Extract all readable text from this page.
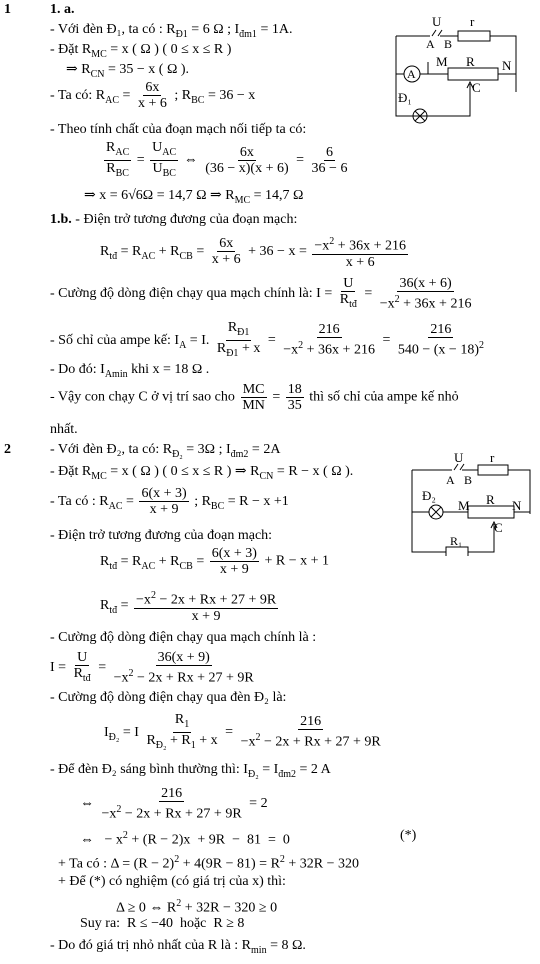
1	1. a.
- Với đèn Đ₁, ta có : $R_{Đ1} = 6$ Ω ; $I_{đm1} = 1A$.
- Đặt $R_{MC} = x$ ( Ω ) ( 0 ≤ x ≤ R )
⇒ $R_{CN} = 35 - x$ ( Ω ).
- Ta có: $R_{AC} = \frac{6x}{x + 6}$ ; $R_{BC} = 36 - x$
- Theo tính chất của đoạn mạch nối tiếp ta có:
$\frac{R_{AC}}{R_{BC}} = \frac{U_{AC}}{U_{BC}}$ ⇔ $\frac{6x}{(36 - x)(x + 6)} = \frac{6}{36 - 6}$
⇒ x = 6√6Ω = 14,7 Ω ⇒ $R_{MC} = 14,7$ Ω
1.b. - Điện trở tương đương của đoạn mạch:
$R_{tđ} = R_{AC} + R_{CB} = \frac{6x}{x + 6} + 36 - x = \frac{-x^2 + 36x + 216}{x + 6}$
- Cường độ dòng điện chạy qua mạch chính là: $I = \frac{U}{R_{tđ}} = \frac{36(x + 6)}{-x^2 + 36x + 216}$
- Số chỉ của ampe kế: $I_A = I$. $\frac{R_{Đ1}}{R_{Đ1} + x} = \frac{216}{-x^2 + 36x + 216} = \frac{216}{540 - (x - 18)^2}$
- Do đó: $I_{Amin}$ khi x = 18 Ω .
- Vậy con chạy C ở vị trí sao cho $\frac{MC}{MN} = \frac{18}{35}$ thì số chỉ của ampe kế nhỏ
nhất.
U r
A B
A
M R N
C
Đ₁
2	- Với đèn Đ₂, ta có: $R_{Đ_2} = 3\Omega$ ; $I_{đm2} = 2A$
- Đặt $R_{MC} = x$ ( Ω ) ( 0 ≤ x ≤ R ) ⇒ $R_{CN} = R - x$ ( Ω ).
- Ta có : $R_{AC} = \frac{6(x + 3)}{x + 9}$ ; $R_{BC} = R - x +1$
- Điện trở tương đương của đoạn mạch:
$R_{tđ} = R_{AC} + R_{CB} = \frac{6(x + 3)}{x + 9} + R - x + 1$
$R_{tđ} = \frac{-x^2 - 2x + Rx + 27 + 9R}{x + 9}$
- Cường độ dòng điện chạy qua mạch chính là :
$I = \frac{U}{R_{tđ}} = \frac{36(x + 9)}{-x^2 - 2x + Rx + 27 + 9R}$
- Cường độ dòng điện chạy qua đèn Đ₂ là:
$I_{Đ_2} = I \frac{R_1}{R_{Đ_2} + R_1 + x} = \frac{216}{-x^2 - 2x + Rx + 27 + 9R}$
- Để đèn Đ₂ sáng bình thường thì: $I_{Đ_2} = I_{đm2} = 2$ A
⇔ $\frac{216}{-x^2 - 2x + Rx + 27 + 9R} = 2$
⇔   − $x^2 + (R - 2)x + 9R - 81 = 0$	(*)
+ Ta có : $\Delta = (R - 2)^2 + 4(9R - 81) = R^2 + 32R - 320$
+ Để (*) có nghiệm (có giá trị của x) thì:
Δ ≥ 0 ⇔ $R^2 + 32R - 320 \ge 0$
Suy ra:  R ≤ −40  hoặc  R ≥ 8
- Do đó giá trị nhỏ nhất của R là : $R_{min} = 8$ Ω.
U r
A B
Đ₂
M R N
R₁
C
